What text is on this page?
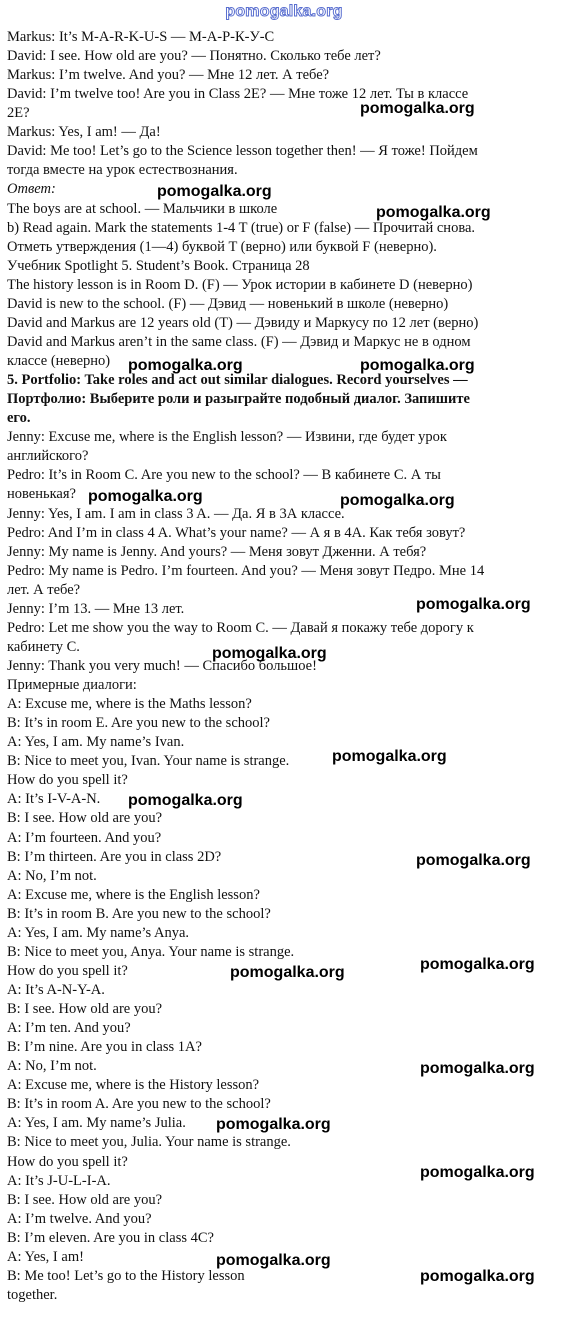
pomogalka.org
Markus: It’s M-A-R-K-U-S — М-А-Р-К-У-С
David: I see. How old are you? — Понятно. Сколько тебе лет?
Markus: I’m twelve. And you? — Мне 12 лет. А тебе?
David: I’m twelve too! Are you in Class 2E? — Мне тоже 12 лет. Ты в классе
2Е?
Markus: Yes, I am! — Да!
David: Me too! Let’s go to the Science lesson together then! — Я тоже! Пойдем
тогда вместе на урок естествознания.
Ответ:
The boys are at school. — Мальчики в школе
b) Read again. Mark the statements 1-4 T (true) or F (false) — Прочитай снова.
Отметь утверждения (1—4) буквой T (верно) или буквой F (неверно).
Учебник Spotlight 5. Student’s Book. Страница 28
The history lesson is in Room D. (F) — Урок истории в кабинете D (неверно)
David is new to the school. (F) — Дэвид — новенький в школе (неверно)
David and Markus are 12 years old (T) — Дэвиду и Маркусу по 12 лет (верно)
David and Markus aren’t in the same class. (F) — Дэвид и Маркус не в одном
классе (неверно)
5. Portfolio: Take roles and act out similar dialogues. Record yourselves —
Портфолио: Выберите роли и разыграйте подобный диалог. Запишите
его.
Jenny: Excuse me, where is the English lesson? — Извини, где будет урок
английского?
Pedro: It’s in Room C. Are you new to the school? — В кабинете С. А ты
новенькая?
Jenny: Yes, I am. I am in class 3 A. — Да. Я в 3А классе.
Pedro: And I’m in class 4 A. What’s your name? — А я в 4А. Как тебя зовут?
Jenny: My name is Jenny. And yours? — Меня зовут Дженни. А тебя?
Pedro: My name is Pedro. I’m fourteen. And you? — Меня зовут Педро. Мне 14
лет. А тебе?
Jenny: I’m 13. — Мне 13 лет.
Pedro: Let me show you the way to Room C. — Давай я покажу тебе дорогу к
кабинету С.
Jenny: Thank you very much! — Спасибо большое!
Примерные диалоги:
A: Excuse me, where is the Maths lesson?
B: It’s in room E. Are you new to the school?
A: Yes, I am. My name’s Ivan.
B: Nice to meet you, Ivan. Your name is strange.
How do you spell it?
A: It’s I-V-A-N.
B: I see. How old are you?
A: I’m fourteen. And you?
B: I’m thirteen. Are you in class 2D?
A: No, I’m not.
A: Excuse me, where is the English lesson?
B: It’s in room B. Are you new to the school?
A: Yes, I am. My name’s Anya.
B: Nice to meet you, Anya. Your name is strange.
How do you spell it?
A: It’s A-N-Y-A.
B: I see. How old are you?
A: I’m ten. And you?
B: I’m nine. Are you in class 1A?
A: No, I’m not.
A: Excuse me, where is the History lesson?
B: It’s in room A. Are you new to the school?
A: Yes, I am. My name’s Julia.
B: Nice to meet you, Julia. Your name is strange.
How do you spell it?
A: It’s J-U-L-I-A.
B: I see. How old are you?
A: I’m twelve. And you?
B: I’m eleven. Are you in class 4C?
A: Yes, I am!
B: Me too! Let’s go to the History lesson
together.
pomogalka.org
pomogalka.org
pomogalka.org
pomogalka.org	pomogalka.org
pomogalka.org	pomogalka.org
pomogalka.org
pomogalka.org
pomogalka.org
pomogalka.org
pomogalka.org
pomogalka.org	pomogalka.org
pomogalka.org
pomogalka.org
pomogalka.org
pomogalka.org
pomogalka.org
